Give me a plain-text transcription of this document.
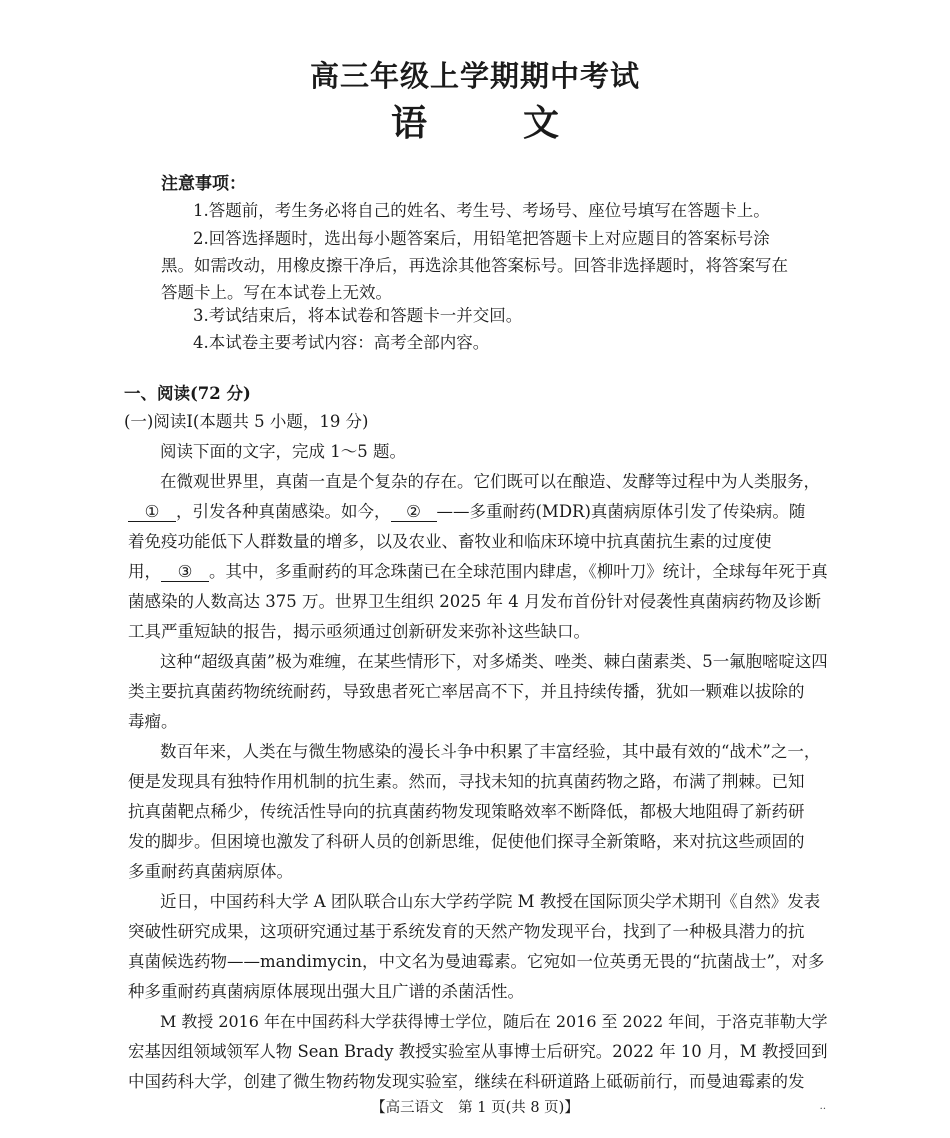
高三年级上学期期中考试
语	文
注意事项：
1.答题前，考生务必将自己的姓名、考生号、考场号、座位号填写在答题卡上。
2.回答选择题时，选出每小题答案后，用铅笔把答题卡上对应题目的答案标号涂
黑。如需改动，用橡皮擦干净后，再选涂其他答案标号。回答非选择题时，将答案写在
答题卡上。写在本试卷上无效。
3.考试结束后，将本试卷和答题卡一并交回。
4.本试卷主要考试内容：高考全部内容。
一、阅读(72 分)
(一)阅读Ⅰ(本题共 5 小题，19 分)
阅读下面的文字，完成 1～5 题。
在微观世界里，真菌一直是个复杂的存在。它们既可以在酿造、发酵等过程中为人类服务，
① ，引发各种真菌感染。如今， ② ——多重耐药(MDR)真菌病原体引发了传染病。随
着免疫功能低下人群数量的增多，以及农业、畜牧业和临床环境中抗真菌抗生素的过度使
用， ③ 。其中，多重耐药的耳念珠菌已在全球范围内肆虐，《柳叶刀》统计，全球每年死于真
菌感染的人数高达 375 万。世界卫生组织 2025 年 4 月发布首份针对侵袭性真菌病药物及诊断
工具严重短缺的报告，揭示亟须通过创新研发来弥补这些缺口。
这种“超级真菌”极为难缠，在某些情形下，对多烯类、唑类、棘白菌素类、5一氟胞嘧啶这四
类主要抗真菌药物统统耐药，导致患者死亡率居高不下，并且持续传播，犹如一颗难以拔除的
毒瘤。
数百年来，人类在与微生物感染的漫长斗争中积累了丰富经验，其中最有效的“战术”之一，
便是发现具有独特作用机制的抗生素。然而，寻找未知的抗真菌药物之路，布满了荆棘。已知
抗真菌靶点稀少，传统活性导向的抗真菌药物发现策略效率不断降低，都极大地阻碍了新药研
发的脚步。但困境也激发了科研人员的创新思维，促使他们探寻全新策略，来对抗这些顽固的
多重耐药真菌病原体。
近日，中国药科大学 A 团队联合山东大学药学院 M 教授在国际顶尖学术期刊《自然》发表
突破性研究成果，这项研究通过基于系统发育的天然产物发现平台，找到了一种极具潜力的抗
真菌候选药物——mandimycin，中文名为曼迪霉素。它宛如一位英勇无畏的“抗菌战士”，对多
种多重耐药真菌病原体展现出强大且广谱的杀菌活性。
M 教授 2016 年在中国药科大学获得博士学位，随后在 2016 至 2022 年间，于洛克菲勒大学
宏基因组领域领军人物 Sean Brady 教授实验室从事博士后研究。2022 年 10 月，M 教授回到
中国药科大学，创建了微生物药物发现实验室，继续在科研道路上砥砺前行，而曼迪霉素的发
【高三语文　第 1 页(共 8 页)】	··
